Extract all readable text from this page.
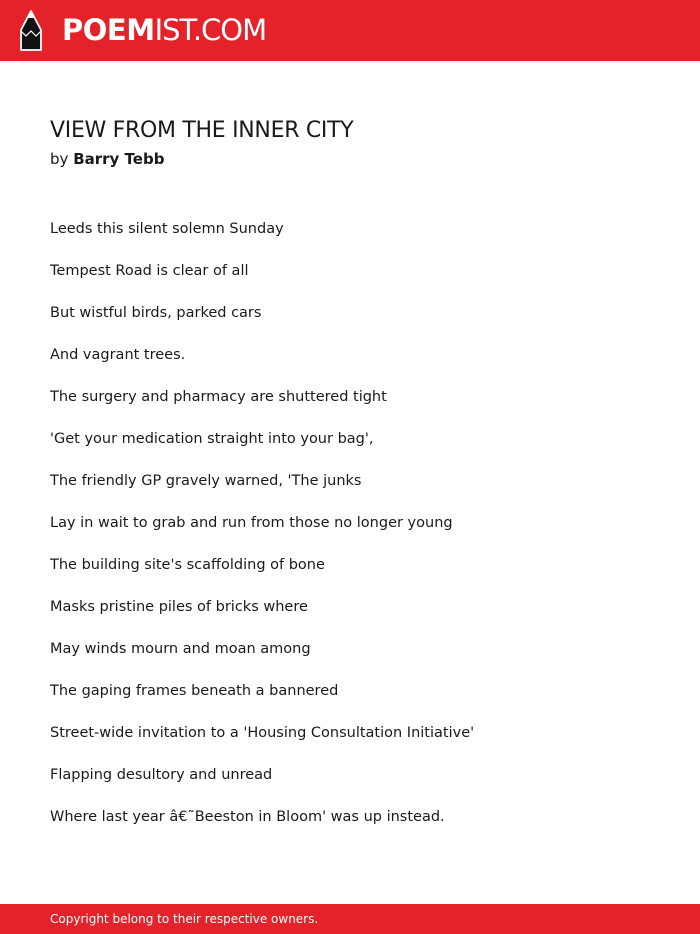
POEMIST.COM
VIEW FROM THE INNER CITY
by Barry Tebb
Leeds this silent solemn Sunday
Tempest Road is clear of all
But wistful birds, parked cars
And vagrant trees.
The surgery and pharmacy are shuttered tight
'Get your medication straight into your bag',
The friendly GP gravely warned, 'The junks
Lay in wait to grab and run from those no longer young
The building site's scaffolding of bone
Masks pristine piles of bricks where
May winds mourn and moan among
The gaping frames beneath a bannered
Street-wide invitation to a 'Housing Consultation Initiative'
Flapping desultory and unread
Where last year â€˜Beeston in Bloom' was up instead.
Copyright belong to their respective owners.
